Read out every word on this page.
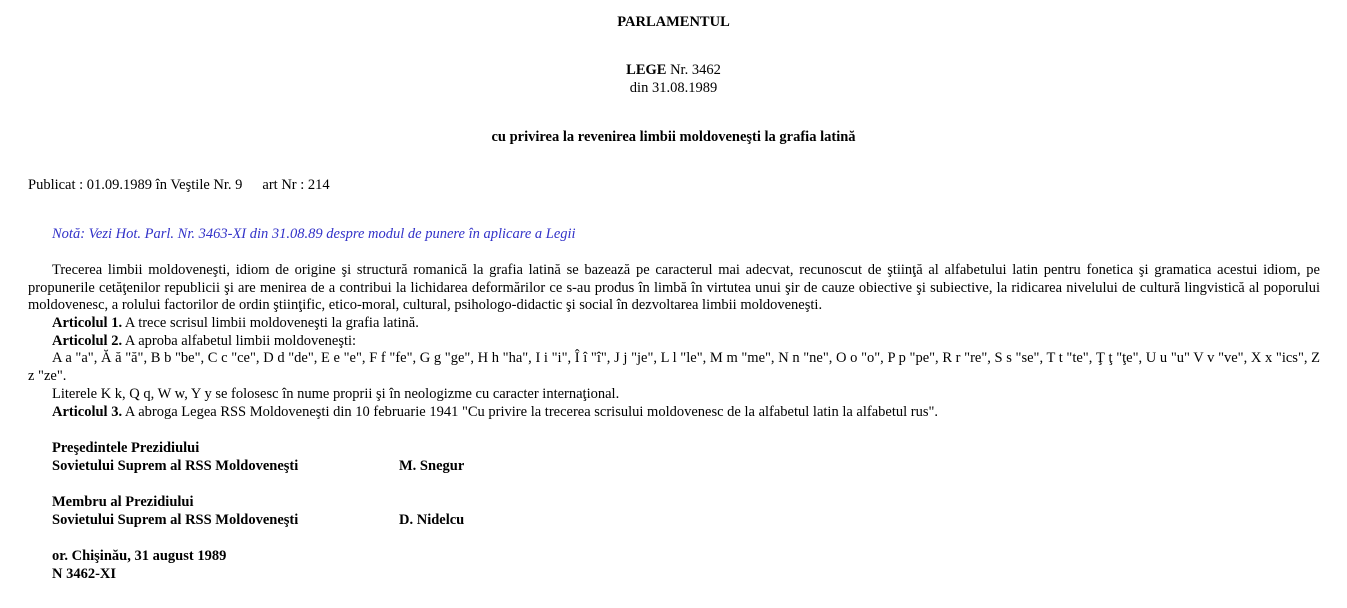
PARLAMENTUL
LEGE Nr. 3462
din 31.08.1989
cu privirea la revenirea limbii moldoveneşti la grafia latină
Publicat : 01.09.1989 în Veştile Nr. 9 art Nr : 214
Notă: Vezi Hot. Parl. Nr. 3463-XI din 31.08.89 despre modul de punere în aplicare a Legii
Trecerea limbii moldoveneşti, idiom de origine şi structură romanică la grafia latină se bazează pe caracterul mai adecvat, recunoscut de ştiinţă al alfabetului latin pentru fonetica şi gramatica acestui idiom, pe propunerile cetăţenilor republicii şi are menirea de a contribui la lichidarea deformărilor ce s-au produs în limbă în virtutea unui şir de cauze obiective şi subiective, la ridicarea nivelului de cultură lingvistică al poporului moldovenesc, a rolului factorilor de ordin ştiinţific, etico-moral, cultural, psihologo-didactic şi social în dezvoltarea limbii moldoveneşti.
Articolul 1. A trece scrisul limbii moldoveneşti la grafia latină.
Articolul 2. A aproba alfabetul limbii moldoveneşti:
A a "a", Ă ă "ă", B b "be", C c "ce", D d "de", E e "e", F f "fe", G g "ge", H h "ha", I i "i", Î î "î", J j "je", L l "le", M m "me", N n "ne", O o "o", P p "pe", R r "re", S s "se", T t "te", Ţ ţ "ţe", U u "u" V v "ve", X x "ics", Z z "ze".
Literele K k, Q q, W w, Y y se folosesc în nume proprii şi în neologizme cu caracter internaţional.
Articolul 3. A abroga Legea RSS Moldoveneşti din 10 februarie 1941 "Cu privire la trecerea scrisului moldovenesc de la alfabetul latin la alfabetul rus".
Preşedintele Prezidiului
Sovietului Suprem al RSS Moldoveneşti	M. Snegur
Membru al Prezidiului
Sovietului Suprem al RSS Moldoveneşti	D. Nidelcu
or. Chişinău, 31 august 1989
N 3462-XI
